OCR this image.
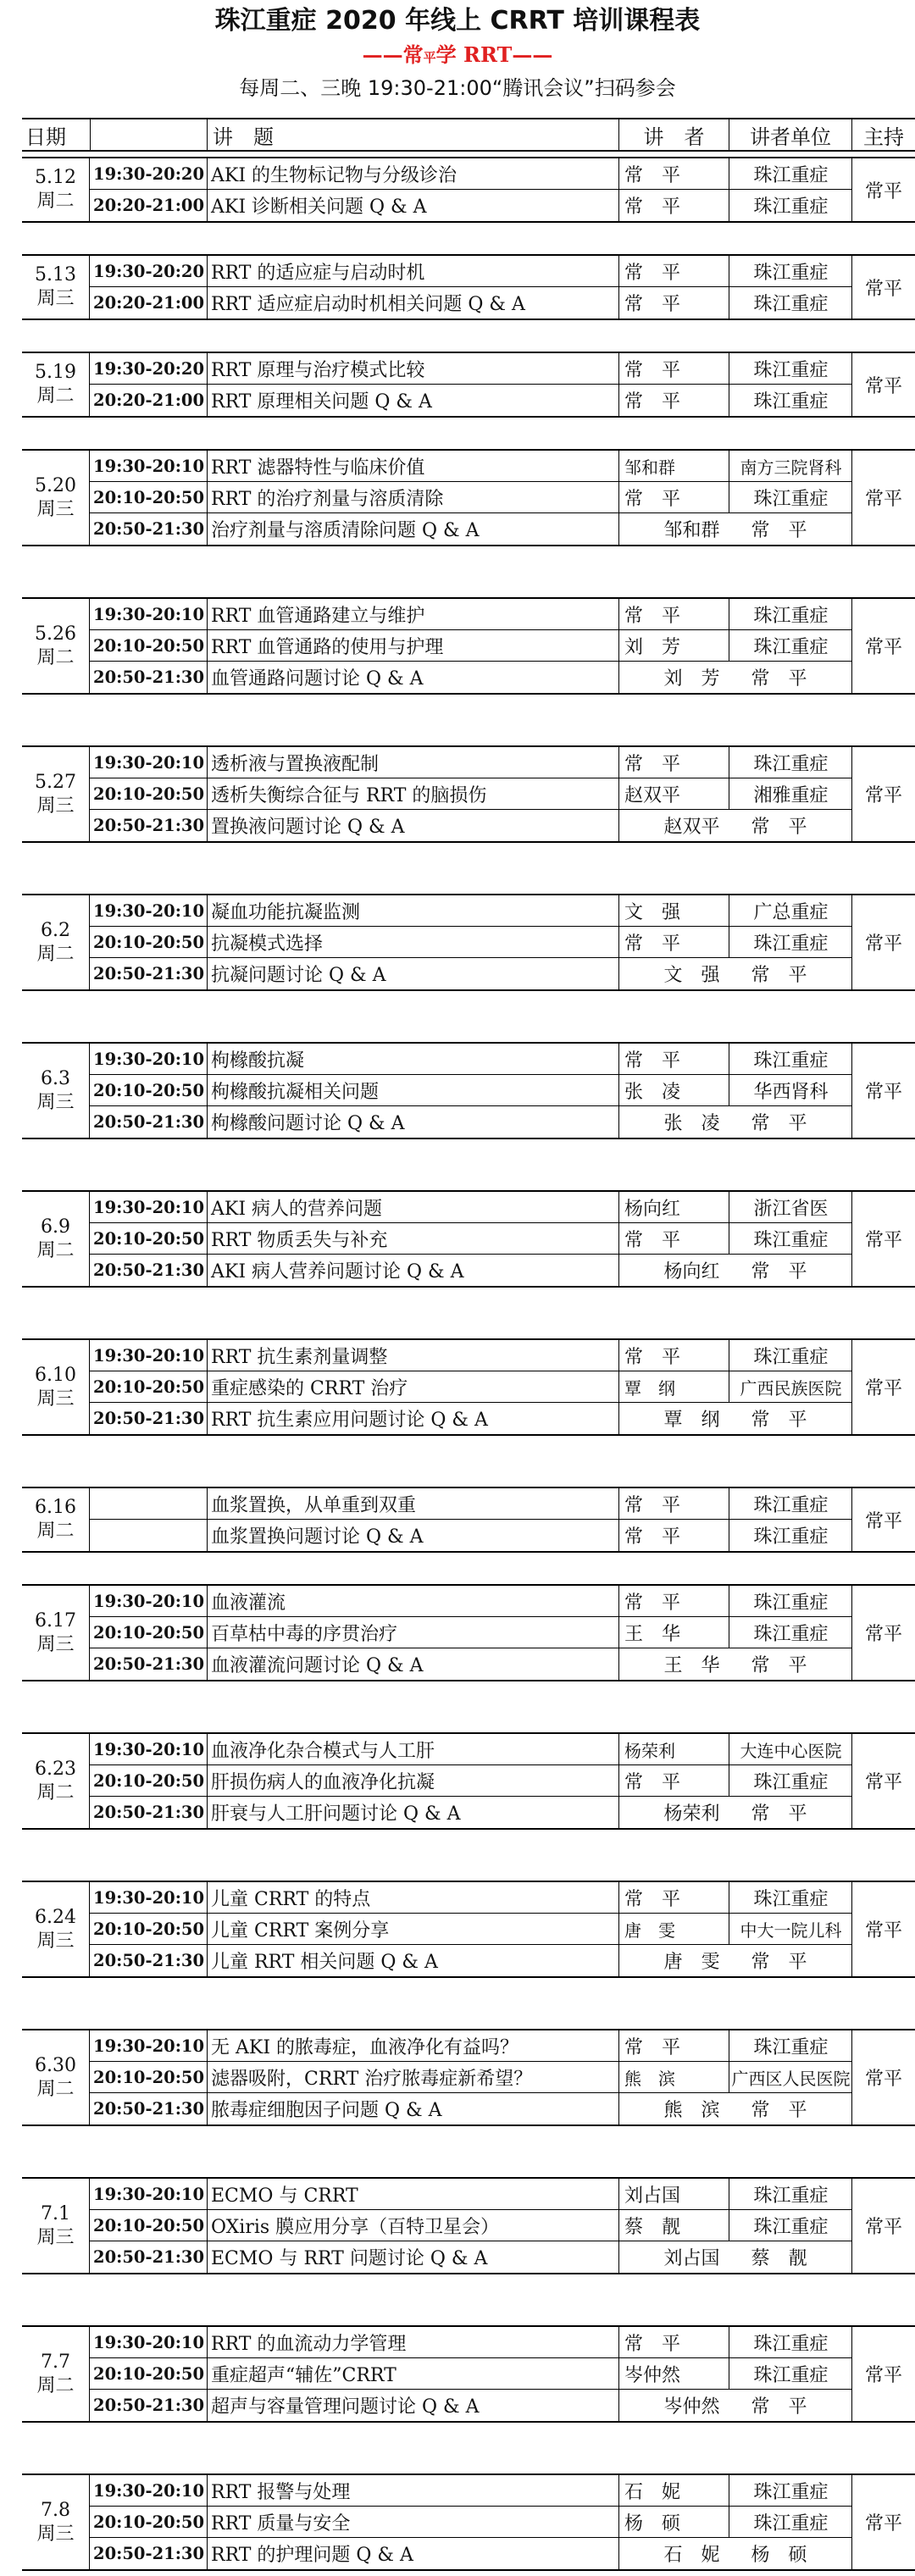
珠江重症 2020 年线上 CRRT 培训课程表
——常平学 RRT——
每周二、三晚 19:30-21:00“腾讯会议”扫码参会
日期	讲　题	讲　者	讲者单位	主持
5.12
周二
19:30-20:20 AKI 的生物标记物与分级诊治	常　平	珠江重症
20:20-21:00 AKI 诊断相关问题 Q & A	常　平	珠江重症
常平
5.13
周三
19:30-20:20 RRT 的适应症与启动时机	常　平	珠江重症
20:20-21:00 RRT 适应症启动时机相关问题 Q & A	常　平	珠江重症
常平
5.19
周二
19:30-20:20 RRT 原理与治疗模式比较	常　平	珠江重症
20:20-21:00 RRT 原理相关问题 Q & A	常　平	珠江重症
常平
5.20
周三
19:30-20:10 RRT 滤器特性与临床价值	邹和群	南方三院肾科
20:10-20:50 RRT 的治疗剂量与溶质清除	常　平	珠江重症
20:50-21:30 治疗剂量与溶质清除问题 Q & A	邹和群 常　平
常平
5.26
周二
19:30-20:10 RRT 血管通路建立与维护	常　平	珠江重症
20:10-20:50 RRT 血管通路的使用与护理	刘　芳	珠江重症
20:50-21:30 血管通路问题讨论 Q & A	刘　芳 常　平
常平
5.27
周三
19:30-20:10 透析液与置换液配制	常　平	珠江重症
20:10-20:50 透析失衡综合征与 RRT 的脑损伤	赵双平	湘雅重症
20:50-21:30 置换液问题讨论 Q & A	赵双平 常　平
常平
6.2
周二
19:30-20:10 凝血功能抗凝监测	文　强	广总重症
20:10-20:50 抗凝模式选择	常　平	珠江重症
20:50-21:30 抗凝问题讨论 Q & A	文　强 常　平
常平
6.3
周三
19:30-20:10 枸橼酸抗凝	常　平	珠江重症
20:10-20:50 枸橼酸抗凝相关问题	张　凌	华西肾科
20:50-21:30 枸橼酸问题讨论 Q & A	张　凌 常　平
常平
6.9
周二
19:30-20:10 AKI 病人的营养问题	杨向红	浙江省医
20:10-20:50 RRT 物质丢失与补充	常　平	珠江重症
20:50-21:30 AKI 病人营养问题讨论 Q & A	杨向红 常　平
常平
6.10
周三
19:30-20:10 RRT 抗生素剂量调整	常　平	珠江重症
20:10-20:50 重症感染的 CRRT 治疗	覃　纲	广西民族医院
20:50-21:30 RRT 抗生素应用问题讨论 Q & A	覃　纲 常　平
常平
6.16
周二
血浆置换，从单重到双重	常　平	珠江重症
血浆置换问题讨论 Q & A	常　平	珠江重症
常平
6.17
周三
19:30-20:10 血液灌流	常　平	珠江重症
20:10-20:50 百草枯中毒的序贯治疗	王　华	珠江重症
20:50-21:30 血液灌流问题讨论 Q & A	王　华 常　平
常平
6.23
周二
19:30-20:10 血液净化杂合模式与人工肝	杨荣利	大连中心医院
20:10-20:50 肝损伤病人的血液净化抗凝	常　平	珠江重症
20:50-21:30 肝衰与人工肝问题讨论 Q & A	杨荣利 常　平
常平
6.24
周三
19:30-20:10 儿童 CRRT 的特点	常　平	珠江重症
20:10-20:50 儿童 CRRT 案例分享	唐　雯	中大一院儿科
20:50-21:30 儿童 RRT 相关问题 Q & A	唐　雯 常　平
常平
6.30
周二
19:30-20:10 无 AKI 的脓毒症，血液净化有益吗？	常　平	珠江重症
20:10-20:50 滤器吸附，CRRT 治疗脓毒症新希望？	熊　滨	广西区人民医院
20:50-21:30 脓毒症细胞因子问题 Q & A	熊　滨 常　平
常平
7.1
周三
19:30-20:10 ECMO 与 CRRT	刘占国	珠江重症
20:10-20:50 OXiris 膜应用分享（百特卫星会）	蔡　靓	珠江重症
20:50-21:30 ECMO 与 RRT 问题讨论 Q & A	刘占国 蔡　靓
常平
7.7
周二
19:30-20:10 RRT 的血流动力学管理	常　平	珠江重症
20:10-20:50 重症超声“辅佐”CRRT	岑仲然	珠江重症
20:50-21:30 超声与容量管理问题讨论 Q & A	岑仲然 常　平
常平
7.8
周三
19:30-20:10 RRT 报警与处理	石　妮	珠江重症
20:10-20:50 RRT 质量与安全	杨　硕	珠江重症
20:50-21:30 RRT 的护理问题 Q & A	石　妮 杨　硕
常平
